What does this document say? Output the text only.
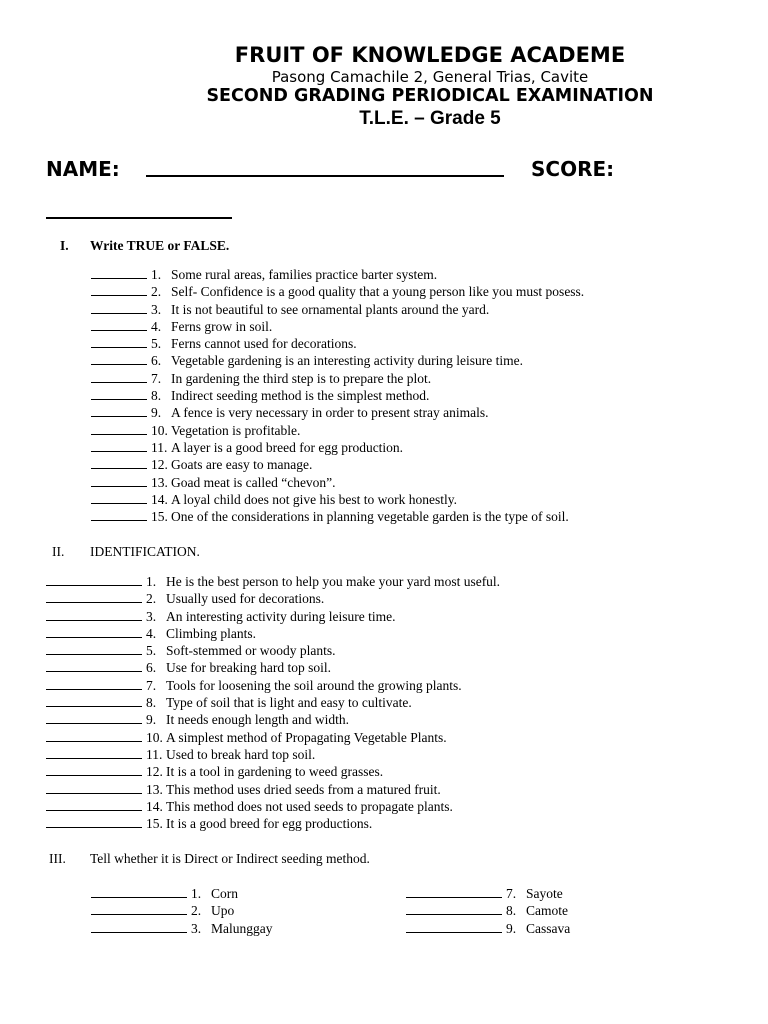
FRUIT OF KNOWLEDGE ACADEME
Pasong Camachile 2, General Trias, Cavite
SECOND GRADING PERIODICAL EXAMINATION
T.L.E. – Grade 5
NAME:	SCORE:
I. Write TRUE or FALSE.
1. Some rural areas, families practice barter system.
2. Self- Confidence is a good quality that a young person like you must posess.
3. It is not beautiful to see ornamental plants around the yard.
4. Ferns grow in soil.
5. Ferns cannot used for decorations.
6. Vegetable gardening is an interesting activity during leisure time.
7. In gardening the third step is to prepare the plot.
8. Indirect seeding method is the simplest method.
9. A fence is very necessary in order to present stray animals.
10. Vegetation is profitable.
11. A layer is a good breed for egg production.
12. Goats are easy to manage.
13. Goad meat is called “chevon”.
14. A loyal child does not give his best to work honestly.
15. One of the considerations in planning vegetable garden is the type of soil.
II. IDENTIFICATION.
1. He is the best person to help you make your yard most useful.
2. Usually used for decorations.
3. An interesting activity during leisure time.
4. Climbing plants.
5. Soft-stemmed or woody plants.
6. Use for breaking hard top soil.
7. Tools for loosening the soil around the growing plants.
8. Type of soil that is light and easy to cultivate.
9. It needs enough length and width.
10. A simplest method of Propagating Vegetable Plants.
11. Used to break hard top soil.
12. It is a tool in gardening to weed grasses.
13. This method uses dried seeds from a matured fruit.
14. This method does not used seeds to propagate plants.
15. It is a good breed for egg productions.
III. Tell whether it is Direct or Indirect seeding method.
1. Corn
2. Upo
3. Malunggay
7. Sayote
8. Camote
9. Cassava
